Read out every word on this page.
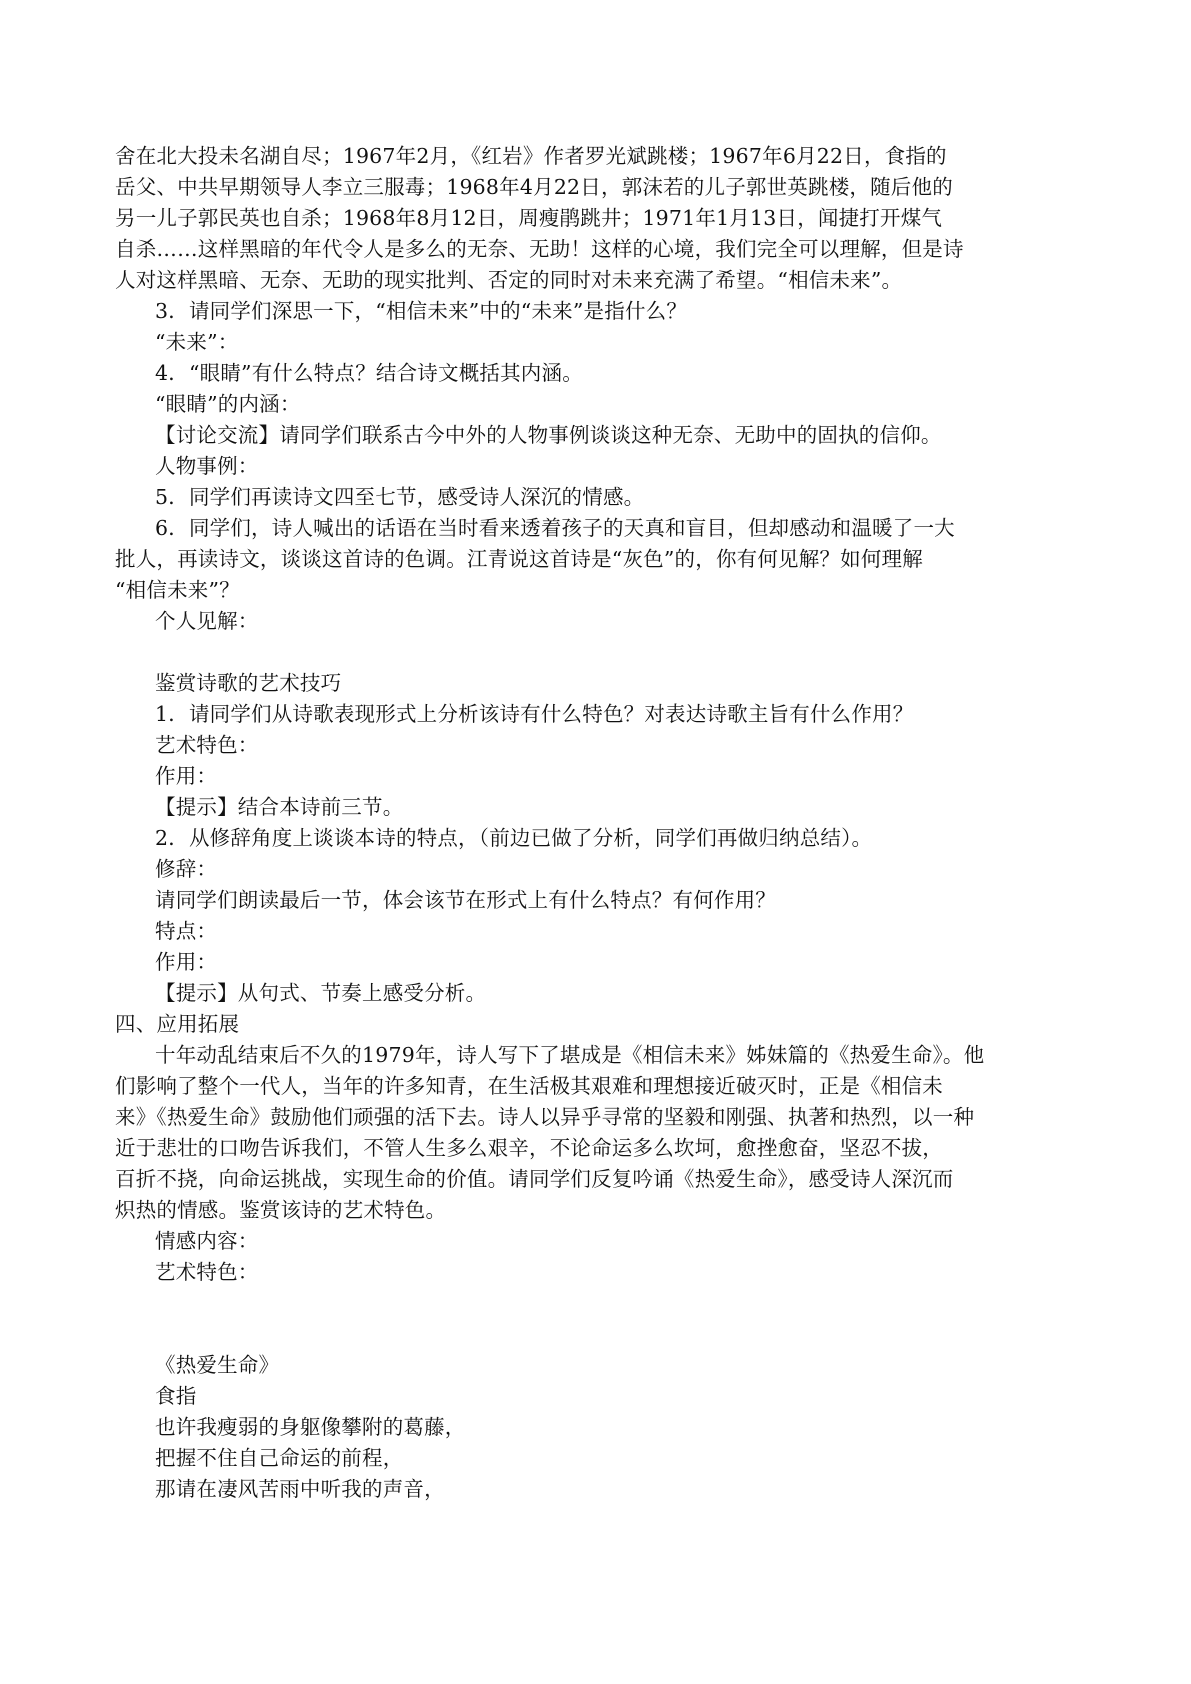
舍在北大投未名湖自尽；1967年2月，《红岩》作者罗光斌跳楼；1967年6月22日，食指的
岳父、中共早期领导人李立三服毒；1968年4月22日，郭沫若的儿子郭世英跳楼，随后他的
另一儿子郭民英也自杀；1968年8月12日，周瘦鹃跳井；1971年1月13日，闻捷打开煤气
自杀……这样黑暗的年代令人是多么的无奈、无助！这样的心境，我们完全可以理解，但是诗
人对这样黑暗、无奈、无助的现实批判、否定的同时对未来充满了希望。“相信未来”。
3．请同学们深思一下，“相信未来”中的“未来”是指什么？
“未来”：
4．“眼睛”有什么特点？结合诗文概括其内涵。
“眼睛”的内涵：
【讨论交流】请同学们联系古今中外的人物事例谈谈这种无奈、无助中的固执的信仰。
人物事例：
5．同学们再读诗文四至七节，感受诗人深沉的情感。
6．同学们，诗人喊出的话语在当时看来透着孩子的天真和盲目，但却感动和温暖了一大
批人，再读诗文，谈谈这首诗的色调。江青说这首诗是“灰色”的，你有何见解？如何理解
“相信未来”？
个人见解：
鉴赏诗歌的艺术技巧
1．请同学们从诗歌表现形式上分析该诗有什么特色？对表达诗歌主旨有什么作用？
艺术特色：
作用：
【提示】结合本诗前三节。
2．从修辞角度上谈谈本诗的特点，（前边已做了分析，同学们再做归纳总结）。
修辞：
请同学们朗读最后一节，体会该节在形式上有什么特点？有何作用？
特点：
作用：
【提示】从句式、节奏上感受分析。
四、应用拓展
十年动乱结束后不久的1979年，诗人写下了堪成是《相信未来》姊妹篇的《热爱生命》。他
们影响了整个一代人，当年的许多知青，在生活极其艰难和理想接近破灭时，正是《相信未
来》《热爱生命》鼓励他们顽强的活下去。诗人以异乎寻常的坚毅和刚强、执著和热烈，以一种
近于悲壮的口吻告诉我们，不管人生多么艰辛，不论命运多么坎坷，愈挫愈奋，坚忍不拔，
百折不挠，向命运挑战，实现生命的价值。请同学们反复吟诵《热爱生命》，感受诗人深沉而
炽热的情感。鉴赏该诗的艺术特色。
情感内容：
艺术特色：
《热爱生命》
食指
也许我瘦弱的身躯像攀附的葛藤，
把握不住自己命运的前程，
那请在凄风苦雨中听我的声音，
